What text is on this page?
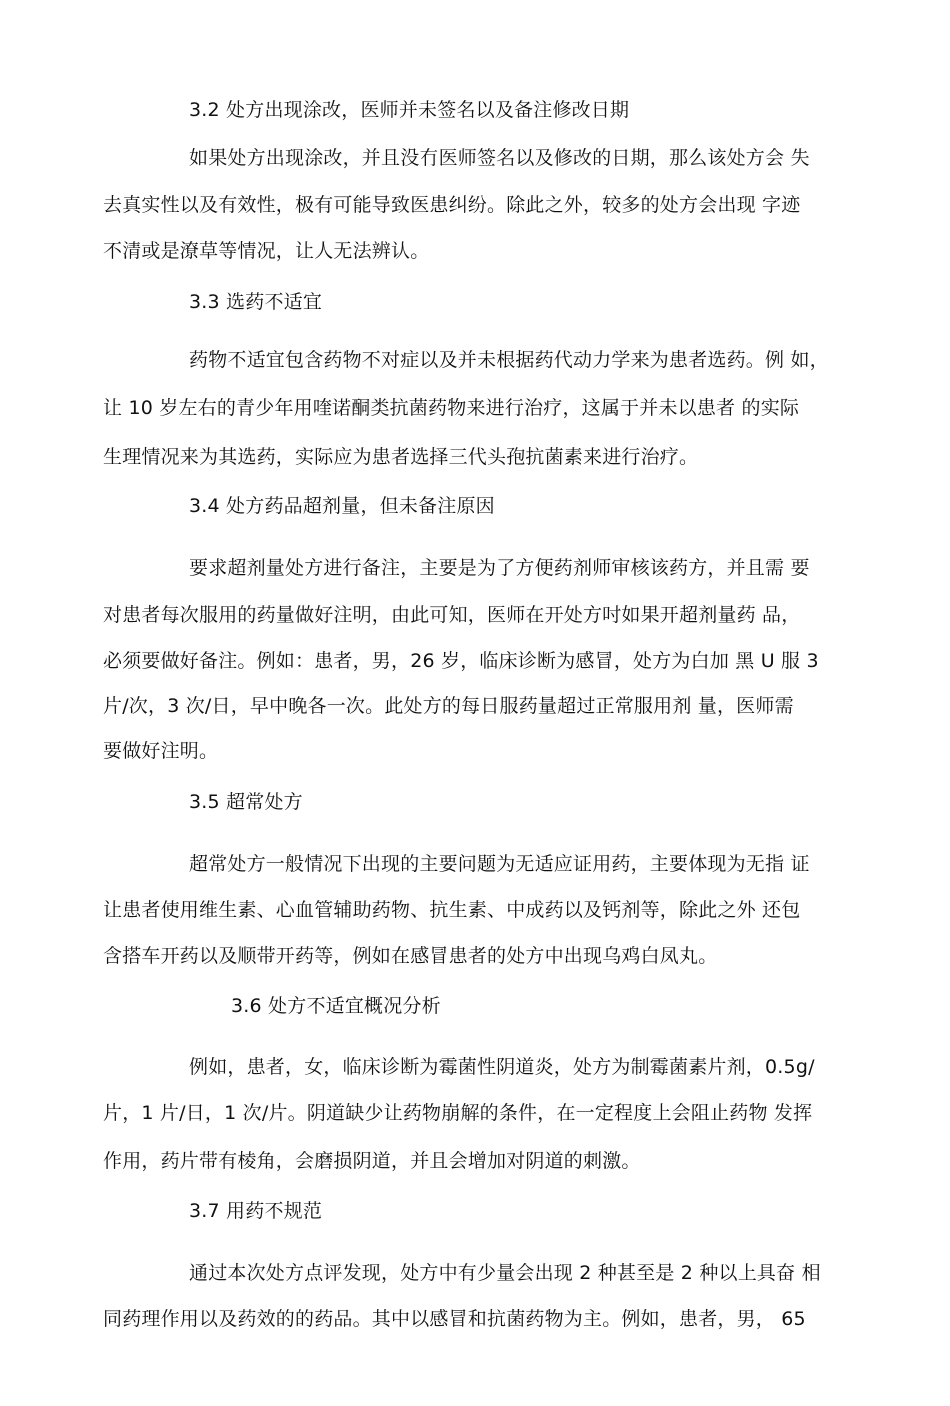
3.2 处方出现涂改，医师并未签名以及备注修改日期
如果处方出现涂改，并且没冇医师签名以及修改的日期，那么该处方会 失
去真实性以及有效性，极有可能导致医患纠纷。除此之外，较多的处方会出现 字迹
不清或是潦草等情况，让人无法辨认。
3.3 选药不适宜
药物不适宜包含药物不对症以及并未根据药代动力学来为患者选药。例 如，
让 10 岁左右的青少年用喹诺酮类抗菌药物来进行治疗，这属于并未以患者 的实际
生理情况来为其选药，实际应为患者选择三代头孢抗菌素来进行治疗。
3.4 处方药品超剂量，但未备注原因
要求超剂量处方进行备注，主要是为了方便药剂师审核该药方，并且需 要
对患者每次服用的药量做好注明，由此可知，医师在开处方吋如果开超剂量药 品，
必须要做好备注。例如：患者，男，26 岁，临床诊断为感冒，处方为白加 黑 U 服 3
片/次，3 次/日，早中晚各一次。此处方的每日服药量超过正常服用剂 量，医师需
要做好注明。
3.5 超常处方
超常处方一般情况下出现的主要问题为无适应证用药，主要体现为无指 证
让患者使用维生素、心血管辅助药物、抗生素、中成药以及钙剂等，除此之外 还包
含搭车开药以及顺带开药等，例如在感冒患者的处方中出现乌鸡白凤丸。
3.6 处方不适宜概况分析
例如，患者，女，临床诊断为霉菌性阴道炎，处方为制霉菌素片剂，0.5g/
片，1 片/日，1 次/片。阴道缺少让药物崩解的条件，在一定程度上会阻止药物 发挥
作用，药片带有棱角，会磨损阴道，并且会增加对阴道的刺激。
3.7 用药不规范
通过本次处方点评发现，处方中有少量会出现 2 种甚至是 2 种以上具奋 相
同药理作用以及药效的的药品。其中以感冒和抗菌药物为主。例如，患者，男， 65
